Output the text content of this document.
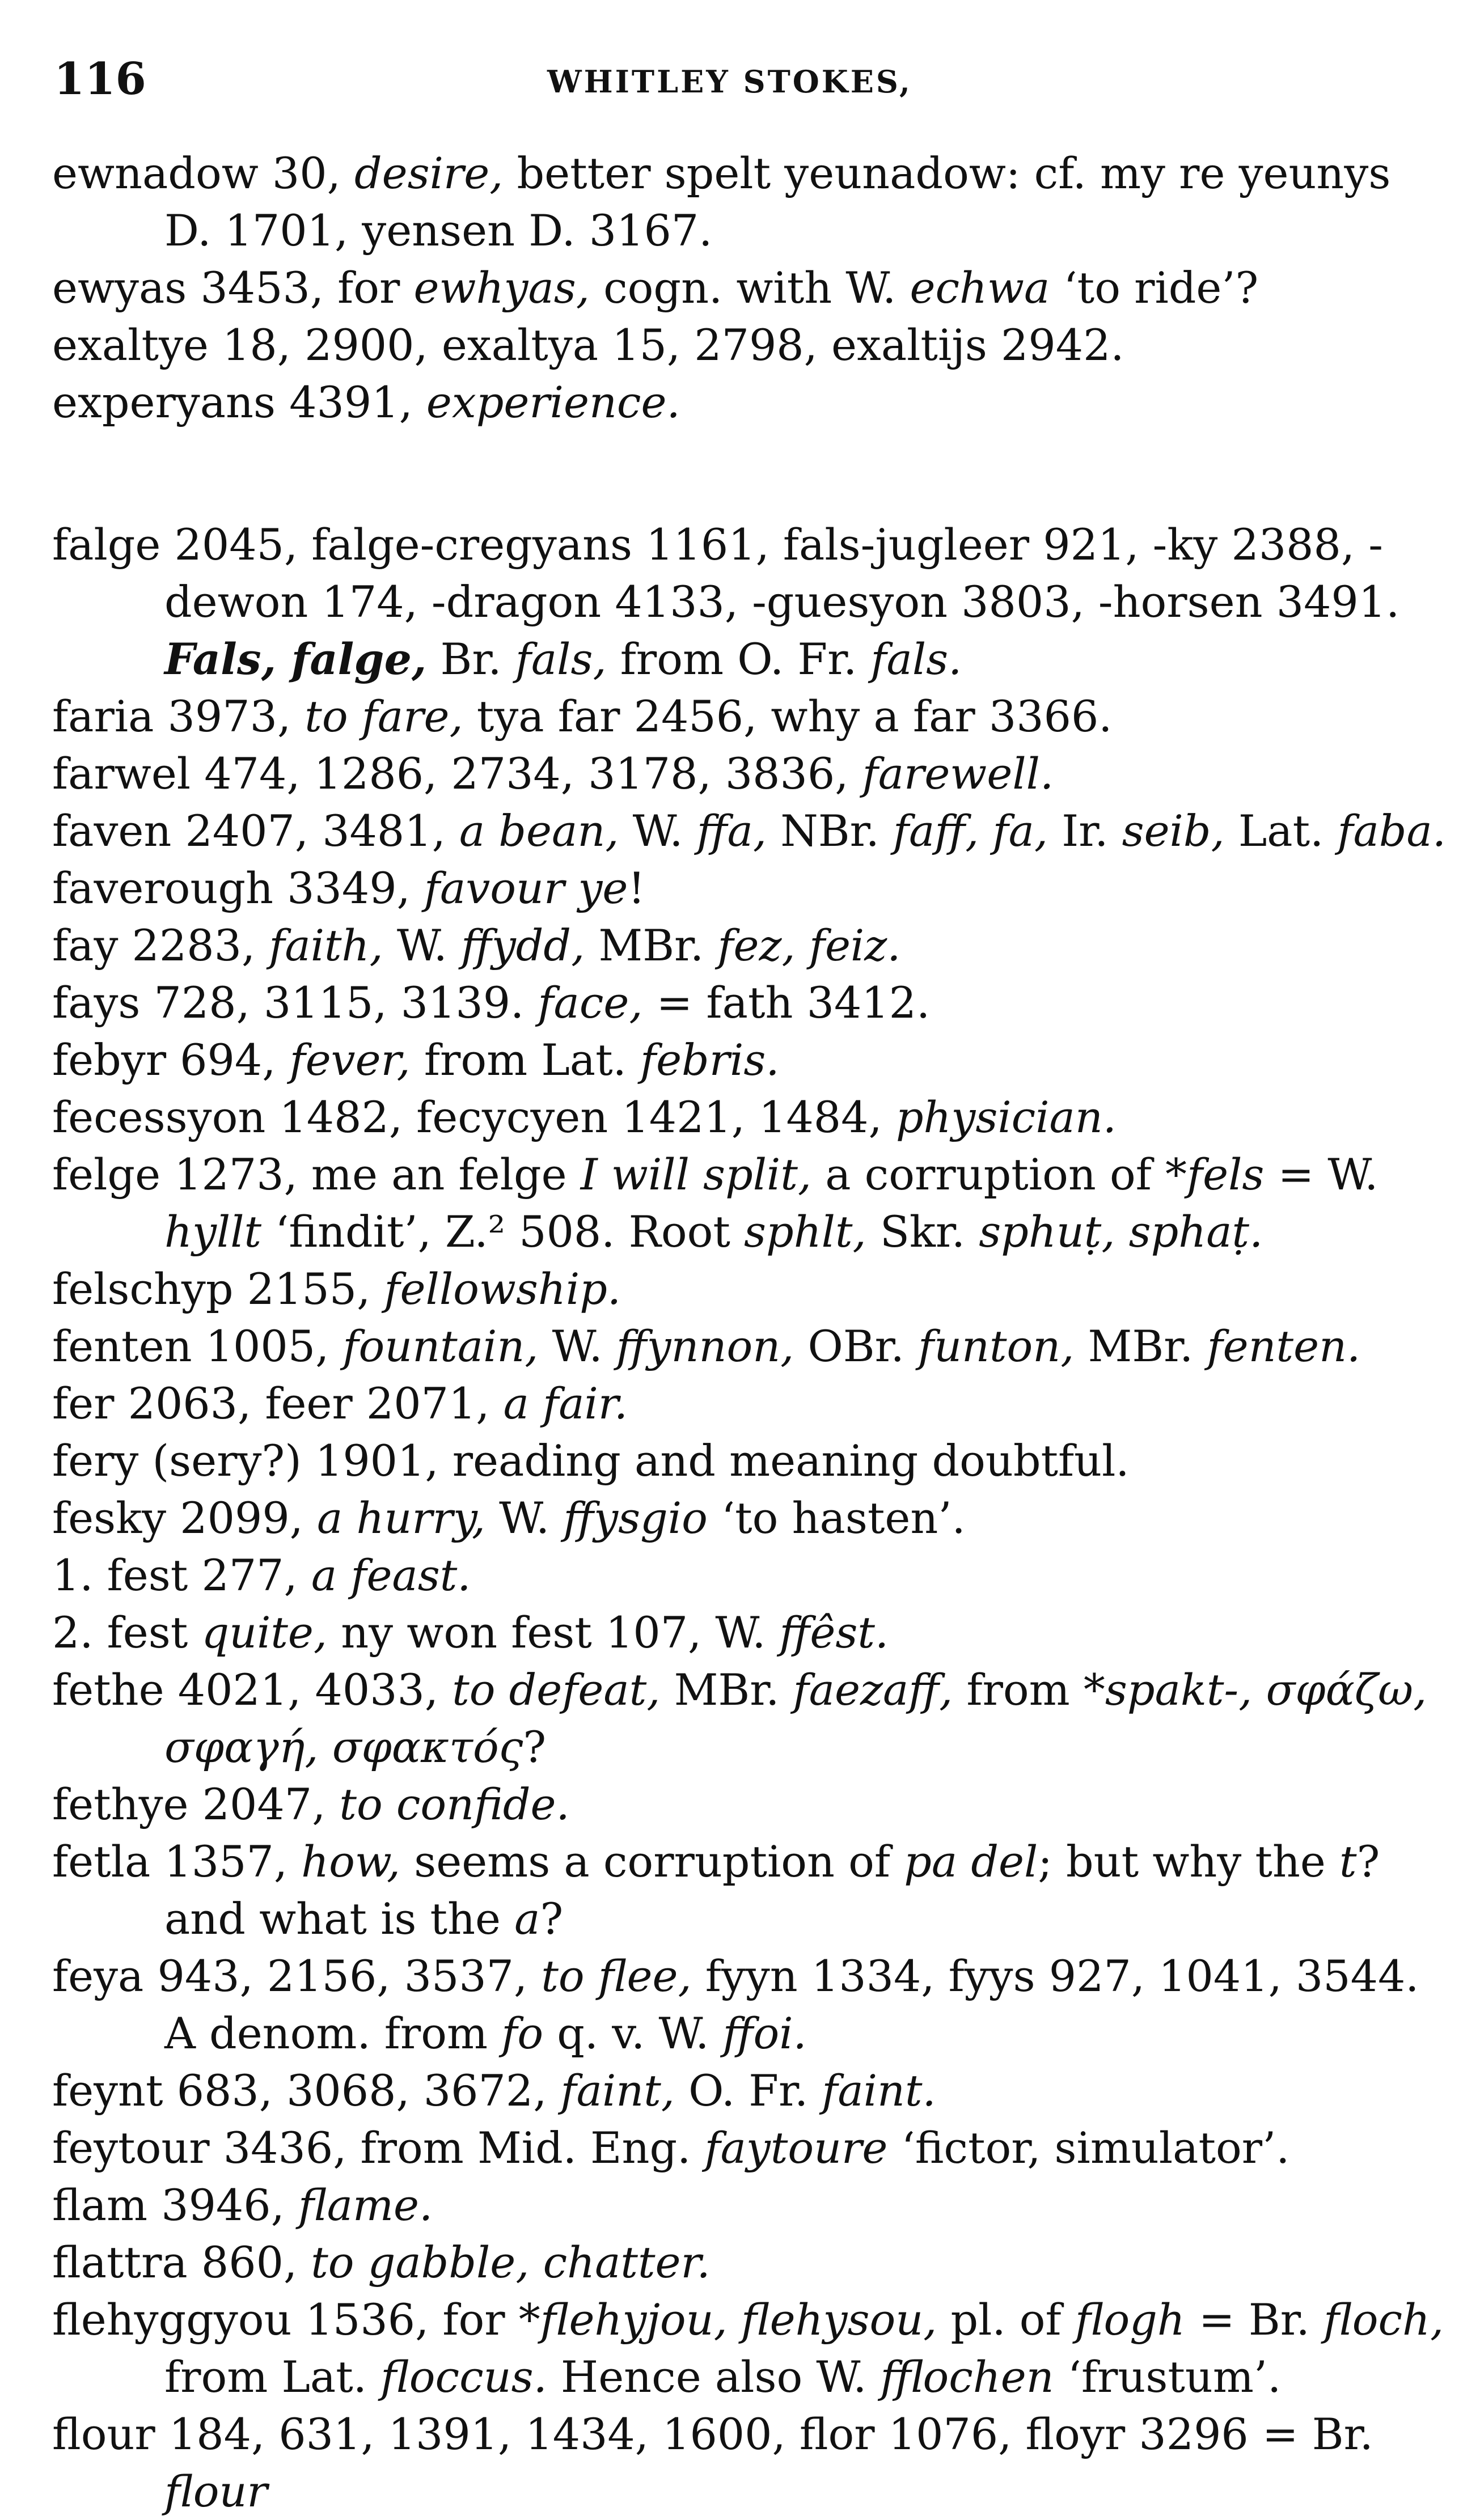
116	WHITLEY STOKES,

ewnadow 30, desire, better spelt yeunadow: cf. my re yeunys D. 1701, yensen D. 3167.

ewyas 3453, for ewhyas, cogn. with W. echwa ‘to ride’?

exaltye 18, 2900, exaltya 15, 2798, exaltijs 2942.

experyans 4391, experience.

falge 2045, falge-cregyans 1161, fals-jugleer 921, -ky 2388, -dewon 174, -dragon 4133, -guesyon 3803, -horsen 3491. Fals, falge, Br. fals, from O. Fr. fals.

faria 3973, to fare, tya far 2456, why a far 3366.

farwel 474, 1286, 2734, 3178, 3836, farewell.

faven 2407, 3481, a bean, W. ffa, NBr. faff, fa, Ir. seib, Lat. faba.

faverough 3349, favour ye!

fay 2283, faith, W. ffydd, MBr. fez, feiz.

fays 728, 3115, 3139. face, = fath 3412.

febyr 694, fever, from Lat. febris.

fecessyon 1482, fecycyen 1421, 1484, physician.

felge 1273, me an felge I will split, a corruption of *fels = W. hyllt ‘findit’, Z.² 508. Root sphlt, Skr. sphuṭ, sphaṭ.

felschyp 2155, fellowship.

fenten 1005, fountain, W. ffynnon, OBr. funton, MBr. fenten.

fer 2063, feer 2071, a fair.

fery (sery?) 1901, reading and meaning doubtful.

fesky 2099, a hurry, W. ffysgio ‘to hasten’.

1. fest 277, a feast.

2. fest quite, ny won fest 107, W. ffêst.

fethe 4021, 4033, to defeat, MBr. faezaff, from *spakt-, σφάζω, σφαγή, σφακτός?

fethye 2047, to confide.

fetla 1357, how, seems a corruption of pa del; but why the t? and what is the a?

feya 943, 2156, 3537, to flee, fyyn 1334, fyys 927, 1041, 3544. A denom. from fo q. v. W. ffoi.

feynt 683, 3068, 3672, faint, O. Fr. faint.

feytour 3436, from Mid. Eng. faytoure ‘fictor, simulator’.

flam 3946, flame.

flattra 860, to gabble, chatter.

flehyggyou 1536, for *flehyjou, flehysou, pl. of flogh = Br. floch, from Lat. floccus. Hence also W. fflochen ‘frustum’.

flour 184, 631, 1391, 1434, 1600, flor 1076, floyr 3296 = Br. flour
